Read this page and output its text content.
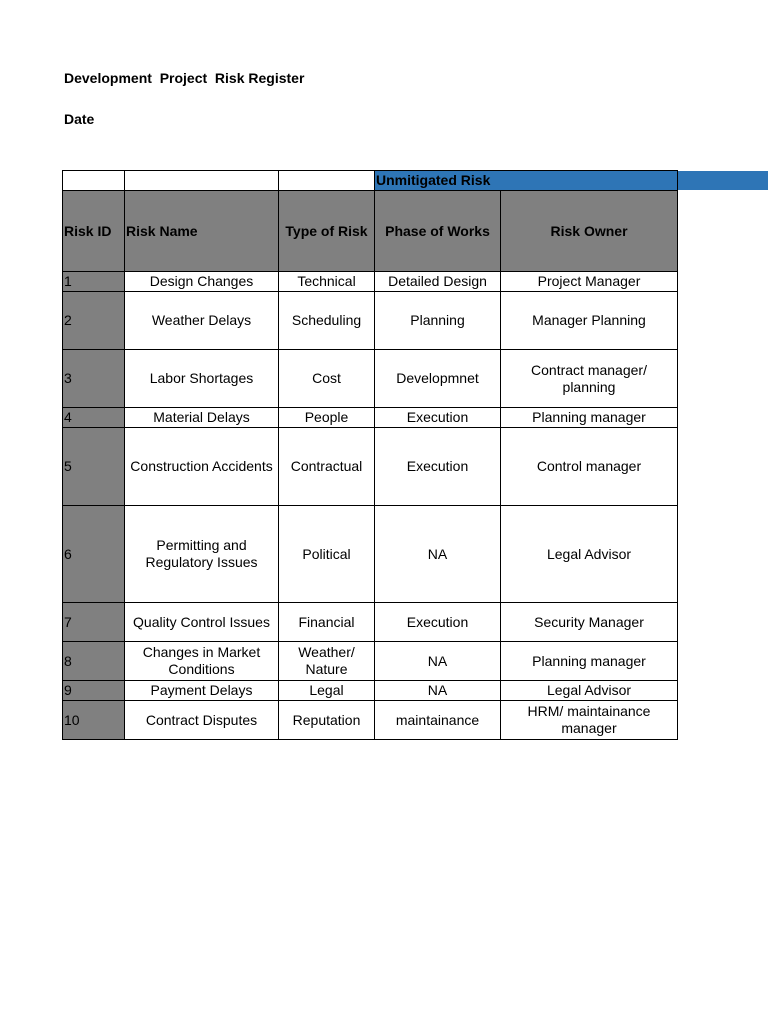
Development  Project  Risk Register
Date
			Unmitigated Risk	
Risk ID	Risk Name	Type of Risk	Phase of Works	Risk Owner
1	Design Changes	Technical	Detailed Design	Project Manager
2	Weather Delays	Scheduling	Planning	Manager Planning
3	Labor Shortages	Cost	Developmnet	Contract manager/ planning
4	Material Delays	People	Execution	Planning manager
5	Construction Accidents	Contractual	Execution	Control manager
6	Permitting and Regulatory Issues	Political	NA	Legal Advisor
7	Quality Control Issues	Financial	Execution	Security Manager
8	Changes in Market Conditions	Weather/ Nature	NA	Planning manager
9	Payment Delays	Legal	NA	Legal Advisor
10	Contract Disputes	Reputation	maintainance	HRM/ maintainance manager
